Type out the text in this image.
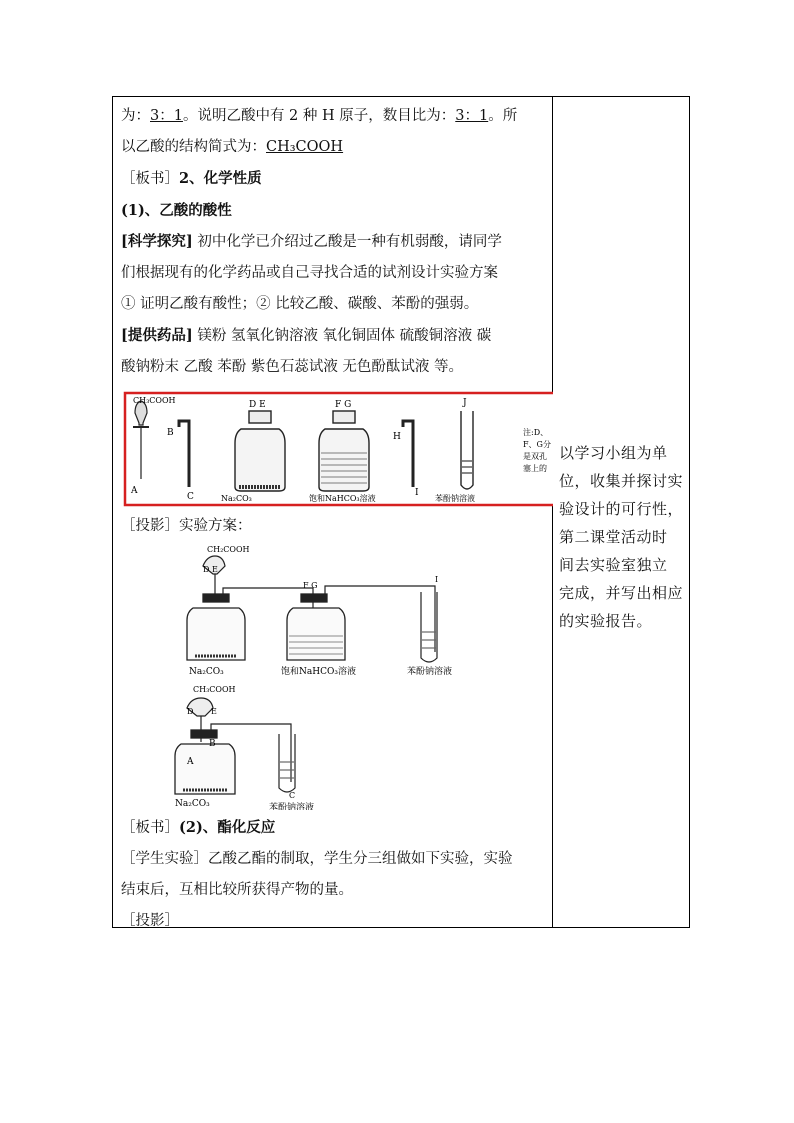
为：3：1。说明乙酸中有 2 种 H 原子，数目比为：3：1。所
以乙酸的结构简式为：CH₃COOH
［板书］2、化学性质
(1)、乙酸的酸性
[科学探究] 初中化学已介绍过乙酸是一种有机弱酸，请同学
们根据现有的化学药品或自己寻找合适的试剂设计实验方案
① 证明乙酸有酸性；② 比较乙酸、碳酸、苯酚的强弱。
[提供药品] 镁粉 氢氧化钠溶液 氧化铜固体 硫酸铜溶液 碳
酸钠粉末 乙酸 苯酚 紫色石蕊试液 无色酚酞试液 等。
CH₃COOH
A
B
C
D E
Na₂CO₃
F G
饱和NaHCO₃溶液
H
I
J
苯酚钠溶液
注:D、
F、G分
是双孔
塞上的
［投影］实验方案：
CH₂COOH
D E
F G
I
Na₂CO₃	饱和NaHCO₃溶液	苯酚钠溶液
CH₃COOH
D E
A
B
C
Na₂CO₃	苯酚钠溶液
［板书］(2)、酯化反应
［学生实验］乙酸乙酯的制取，学生分三组做如下实验，实验
结束后，互相比较所获得产物的量。
［投影］
以学习小组为单
位，收集并探讨实
验设计的可行性，
第二课堂活动时
间去实验室独立
完成，并写出相应
的实验报告。
